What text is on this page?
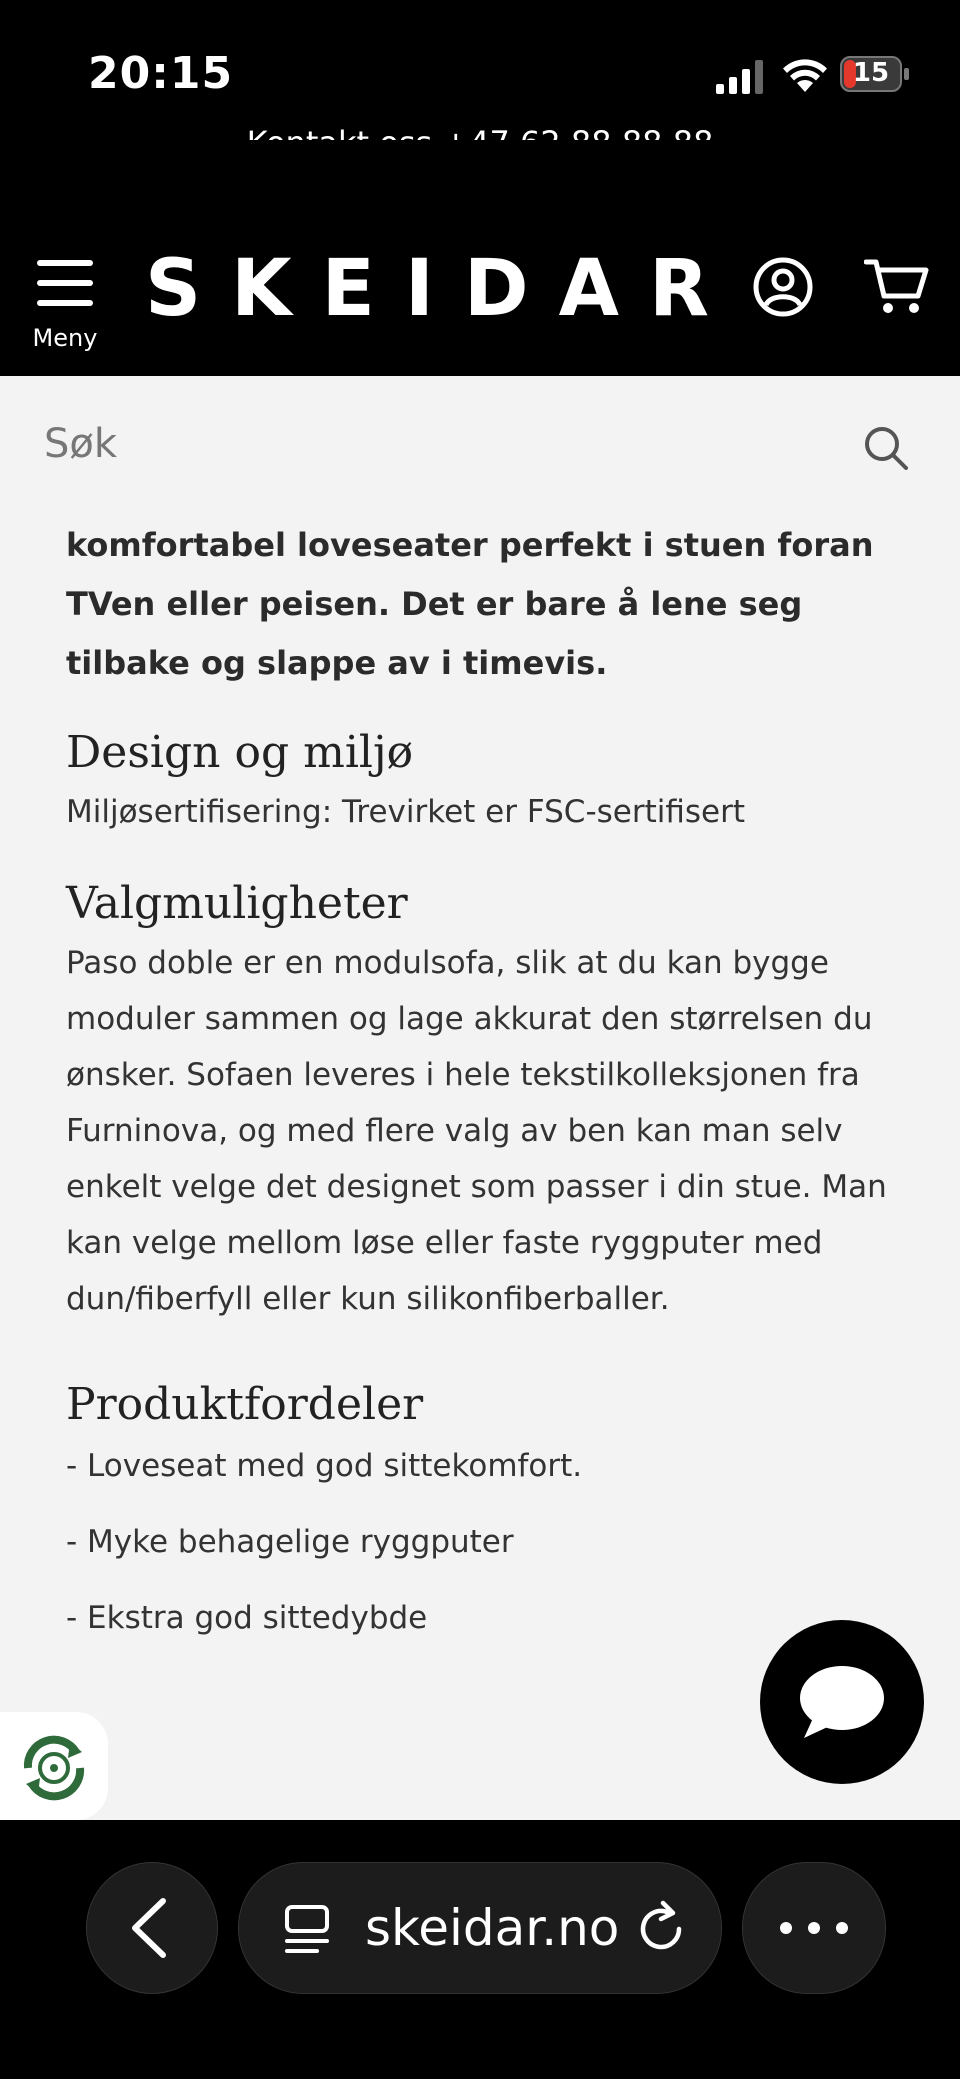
20:15	15
Meny
SKEIDAR
Søk

komfortabel loveseater perfekt i stuen foran TVen eller peisen. Det er bare å lene seg tilbake og slappe av i timevis.

Design og miljø

Miljøsertifisering: Trevirket er FSC-sertifisert

Valgmuligheter

Paso doble er en modulsofa, slik at du kan bygge moduler sammen og lage akkurat den størrelsen du ønsker. Sofaen leveres i hele tekstilkolleksjonen fra Furninova, og med flere valg av ben kan man selv enkelt velge det designet som passer i din stue. Man kan velge mellom løse eller faste ryggputer med dun/fiberfyll eller kun silikonfiberballer.

Produktfordeler

- Loveseat med god sittekomfort.

- Myke behagelige ryggputer

- Ekstra god sittedybde

skeidar.no
